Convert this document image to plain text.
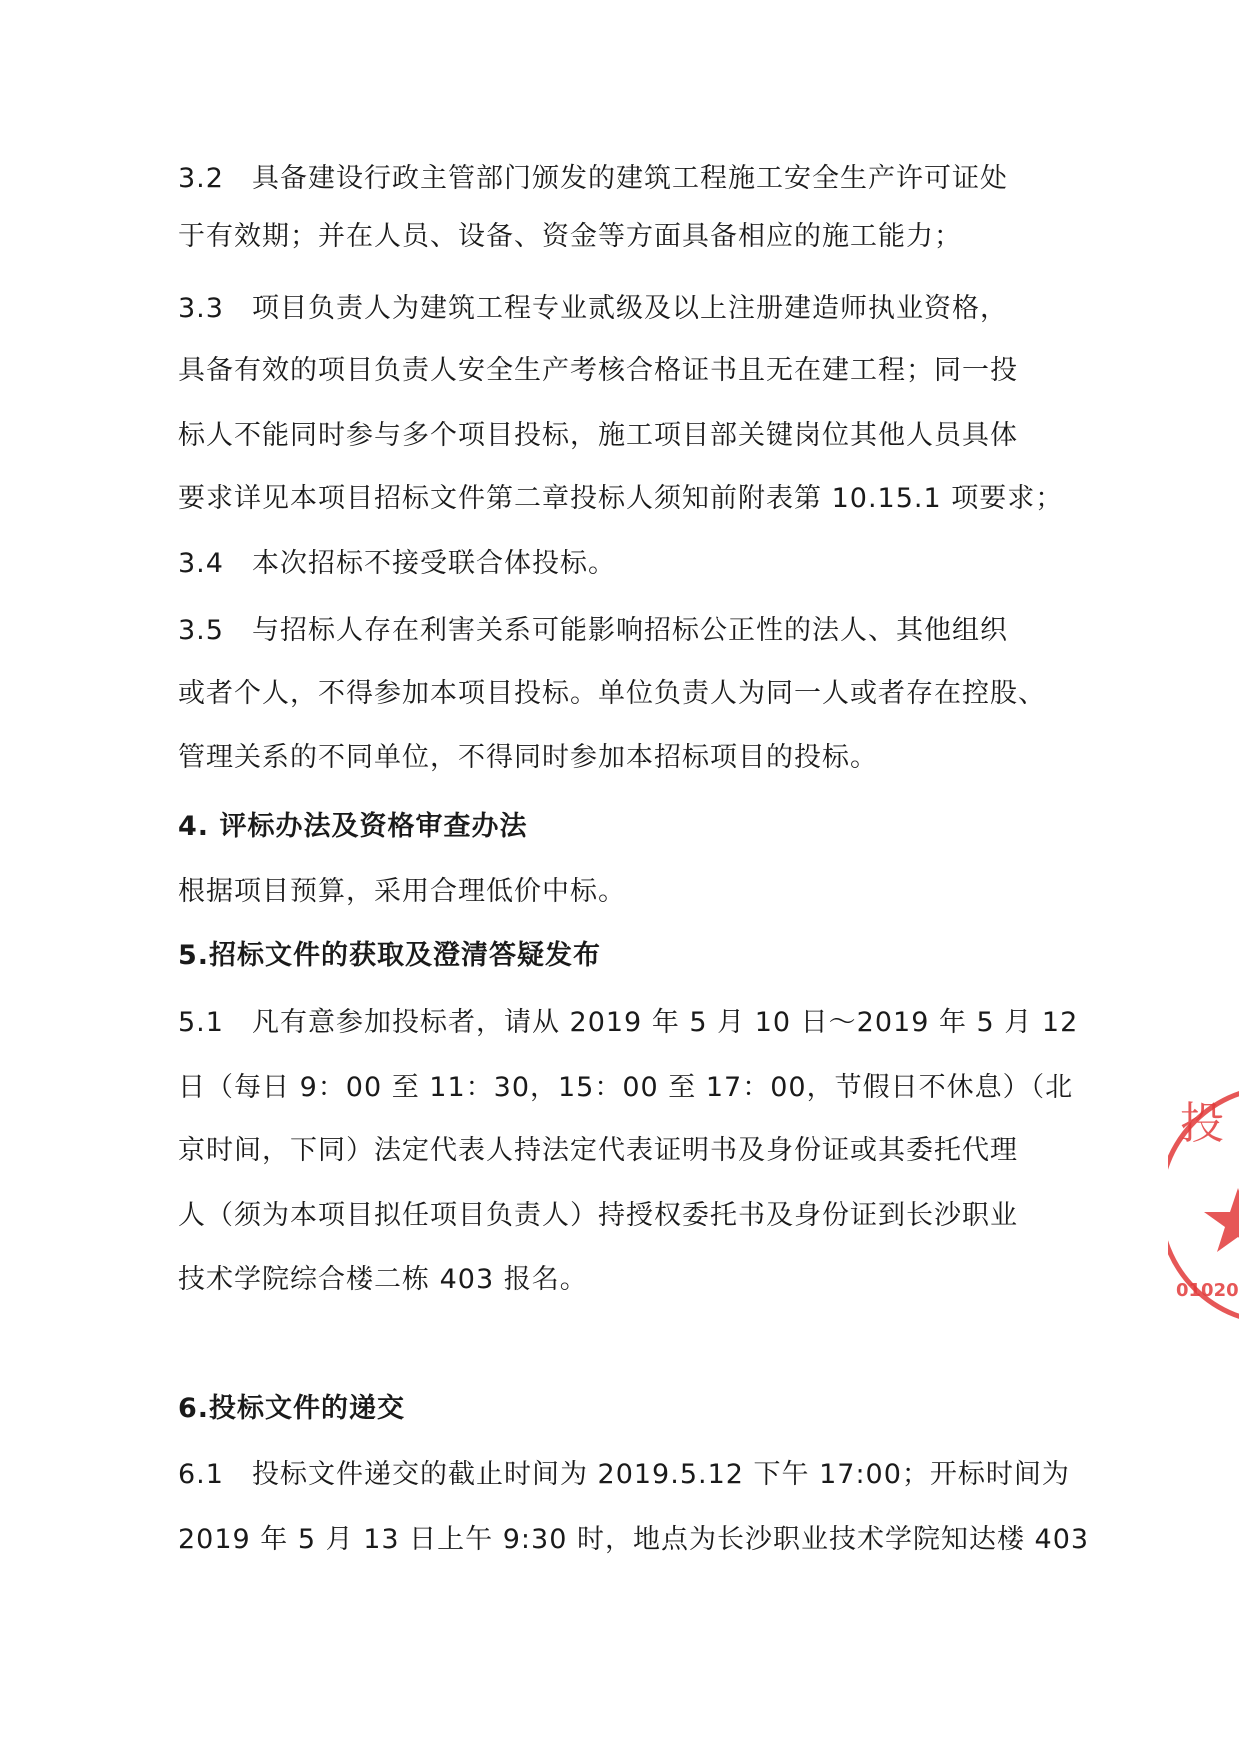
3.2　具备建设行政主管部门颁发的建筑工程施工安全生产许可证处
于有效期；并在人员、设备、资金等方面具备相应的施工能力；
3.3　项目负责人为建筑工程专业贰级及以上注册建造师执业资格，
具备有效的项目负责人安全生产考核合格证书且无在建工程；同一投
标人不能同时参与多个项目投标，施工项目部关键岗位其他人员具体
要求详见本项目招标文件第二章投标人须知前附表第 10.15.1 项要求；
3.4　本次招标不接受联合体投标。
3.5　与招标人存在利害关系可能影响招标公正性的法人、其他组织
或者个人，不得参加本项目投标。单位负责人为同一人或者存在控股、
管理关系的不同单位，不得同时参加本招标项目的投标。
4. 评标办法及资格审查办法
根据项目预算，采用合理低价中标。
5.招标文件的获取及澄清答疑发布
5.1　凡有意参加投标者，请从 2019 年 5 月 10 日～2019 年 5 月 12
日（每日 9：00 至 11：30，15：00 至 17：00，节假日不休息）（北
京时间，下同）法定代表人持法定代表证明书及身份证或其委托代理
人（须为本项目拟任项目负责人）持授权委托书及身份证到长沙职业
技术学院综合楼二栋 403 报名。
6.投标文件的递交
6.1　投标文件递交的截止时间为 2019.5.12 下午 17:00；开标时间为
2019 年 5 月 13 日上午 9:30 时，地点为长沙职业技术学院知达楼 403
投
01020
